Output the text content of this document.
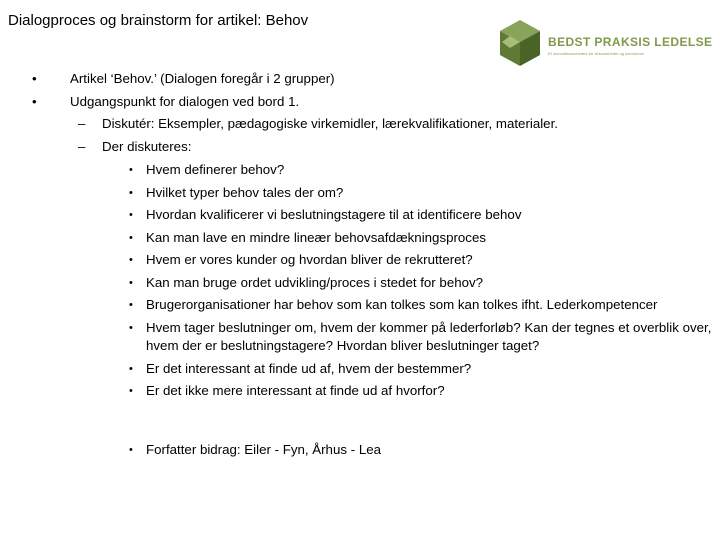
Dialogproces og brainstorm for artikel: Behov
BEDST PRAKSIS LEDELSE
Et innovationsnetværk for virksomheder og kommuner
•	Artikel ‘Behov.’ (Dialogen foregår i 2 grupper)
•	Udgangspunkt for dialogen ved bord 1.
– Diskutér: Eksempler, pædagogiske virkemidler, lærekvalifikationer, materialer.
– Der diskuteres:
• Hvem definerer behov?
• Hvilket typer behov tales der om?
• Hvordan kvalificerer vi beslutningstagere til at identificere behov
• Kan man lave en mindre lineær behovsafdækningsproces
• Hvem er vores kunder og hvordan bliver de rekrutteret?
• Kan man bruge ordet udvikling/proces i stedet for behov?
• Brugerorganisationer har behov som kan tolkes som kan tolkes ifht. Lederkompetencer
• Hvem tager beslutninger om, hvem der kommer på lederforløb? Kan der tegnes et overblik over, hvem der er beslutningstagere? Hvordan bliver beslutninger taget?
• Er det interessant at finde ud af, hvem der bestemmer?
• Er det ikke mere interessant at finde ud af hvorfor?
• Forfatter bidrag: Eiler - Fyn, Århus - Lea
